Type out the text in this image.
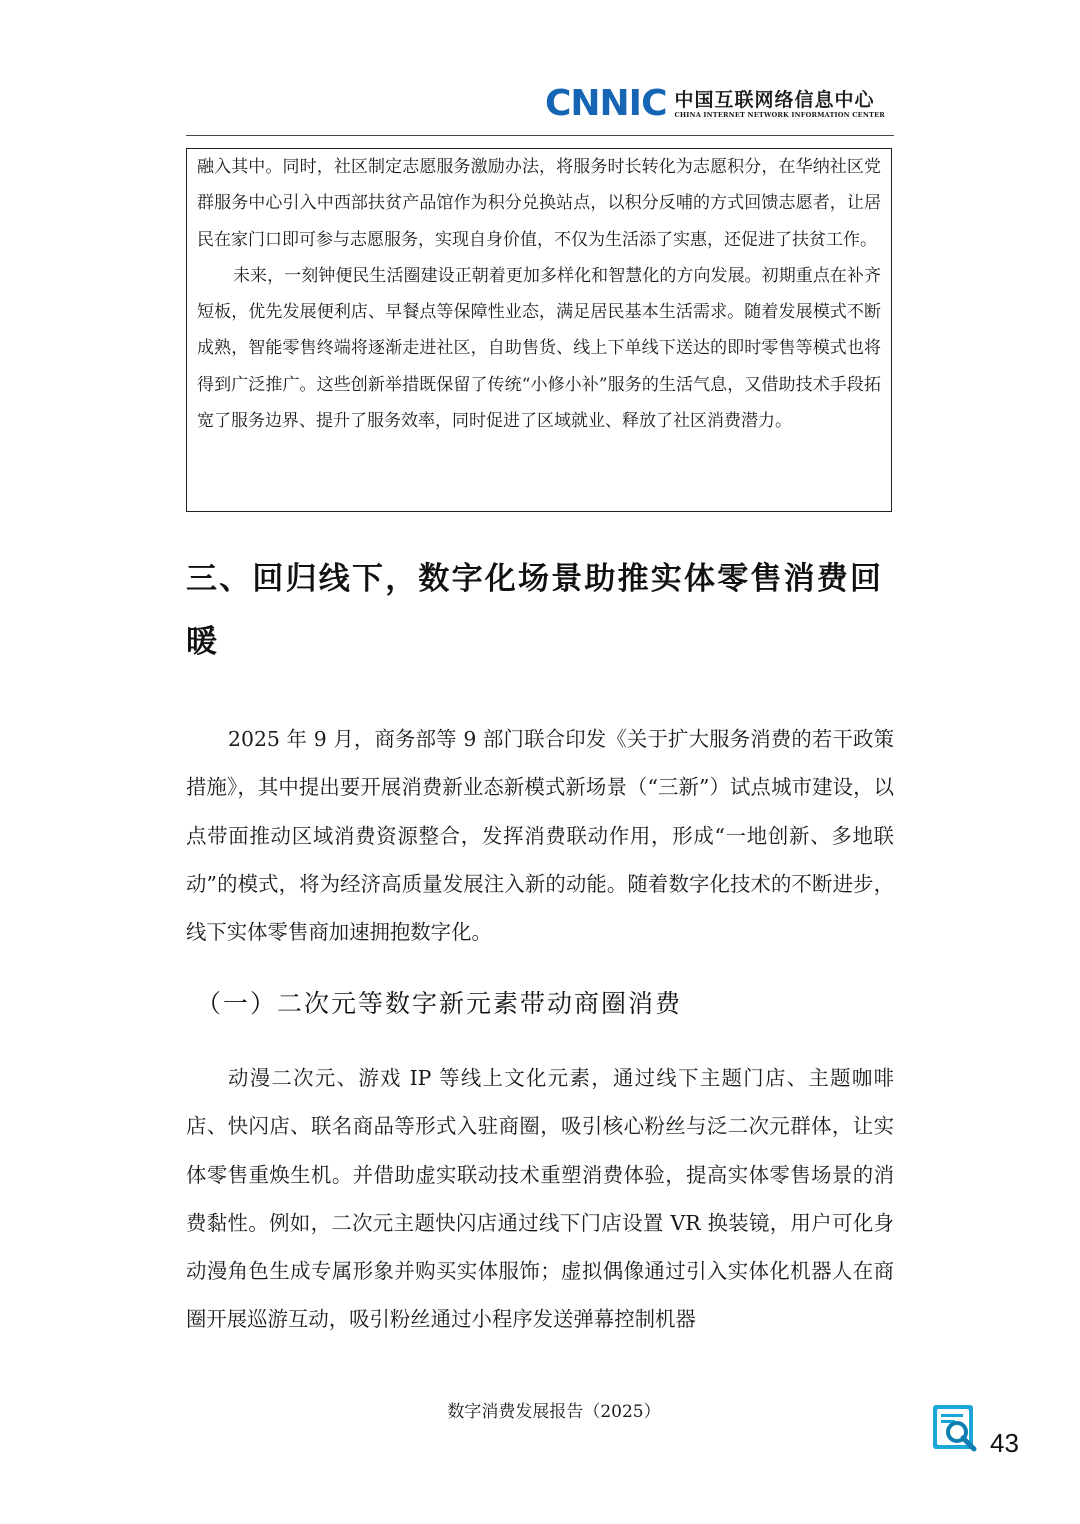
CNNIC 中国互联网络信息中心
CHINA INTERNET NETWORK INFORMATION CENTER

融入其中。同时，社区制定志愿服务激励办法，将服务时长转化为志愿积分，在华纳社区党群服务中心引入中西部扶贫产品馆作为积分兑换站点，以积分反哺的方式回馈志愿者，让居民在家门口即可参与志愿服务，实现自身价值，不仅为生活添了实惠，还促进了扶贫工作。

未来，一刻钟便民生活圈建设正朝着更加多样化和智慧化的方向发展。初期重点在补齐短板，优先发展便利店、早餐点等保障性业态，满足居民基本生活需求。随着发展模式不断成熟，智能零售终端将逐渐走进社区，自助售货、线上下单线下送达的即时零售等模式也将得到广泛推广。这些创新举措既保留了传统“小修小补”服务的生活气息，又借助技术手段拓宽了服务边界、提升了服务效率，同时促进了区域就业、释放了社区消费潜力。

三、回归线下，数字化场景助推实体零售消费回暖

2025 年 9 月，商务部等 9 部门联合印发《关于扩大服务消费的若干政策措施》，其中提出要开展消费新业态新模式新场景（“三新”）试点城市建设，以点带面推动区域消费资源整合，发挥消费联动作用，形成“一地创新、多地联动”的模式，将为经济高质量发展注入新的动能。随着数字化技术的不断进步，线下实体零售商加速拥抱数字化。

（一）二次元等数字新元素带动商圈消费

动漫二次元、游戏 IP 等线上文化元素，通过线下主题门店、主题咖啡店、快闪店、联名商品等形式入驻商圈，吸引核心粉丝与泛二次元群体，让实体零售重焕生机。并借助虚实联动技术重塑消费体验，提高实体零售场景的消费黏性。例如，二次元主题快闪店通过线下门店设置 VR 换装镜，用户可化身动漫角色生成专属形象并购买实体服饰；虚拟偶像通过引入实体化机器人在商圈开展巡游互动，吸引粉丝通过小程序发送弹幕控制机器

数字消费发展报告（2025）
43
